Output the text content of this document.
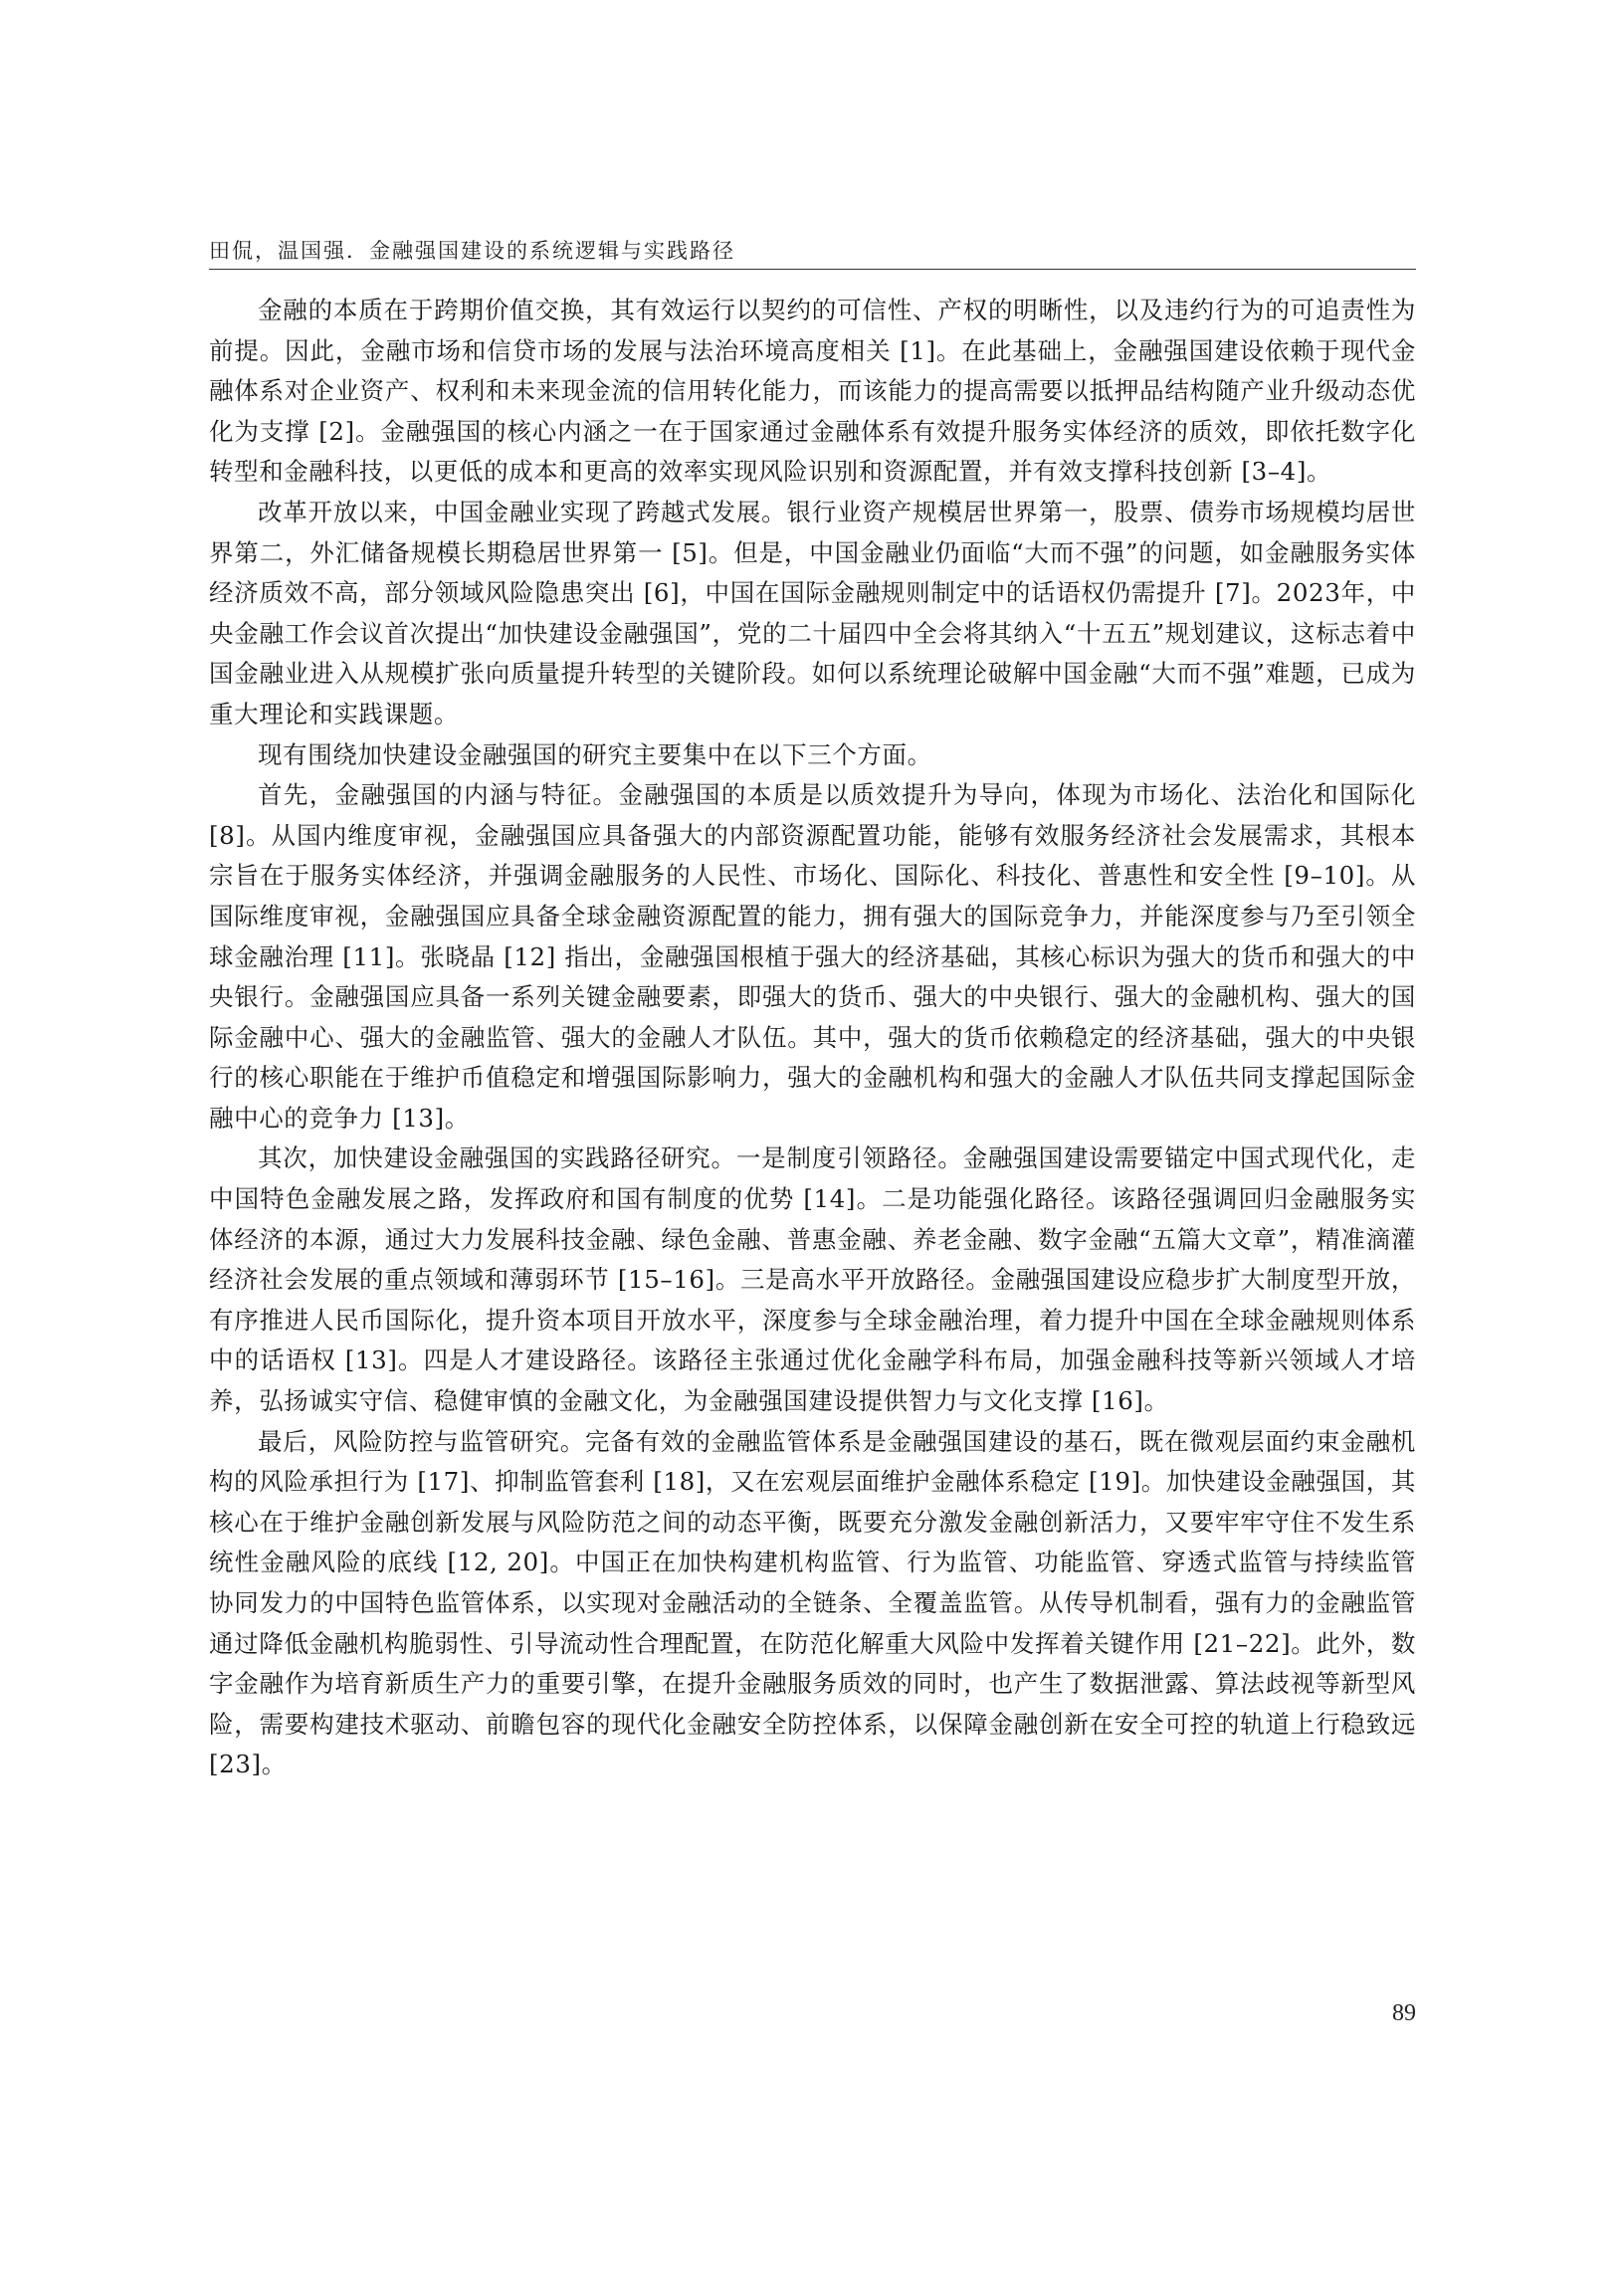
田侃，温国强．金融强国建设的系统逻辑与实践路径

金融的本质在于跨期价值交换，其有效运行以契约的可信性、产权的明晰性，以及违约行为的可追责性为前提。因此，金融市场和信贷市场的发展与法治环境高度相关 [1]。在此基础上，金融强国建设依赖于现代金融体系对企业资产、权利和未来现金流的信用转化能力，而该能力的提高需要以抵押品结构随产业升级动态优化为支撑 [2]。金融强国的核心内涵之一在于国家通过金融体系有效提升服务实体经济的质效，即依托数字化转型和金融科技，以更低的成本和更高的效率实现风险识别和资源配置，并有效支撑科技创新 [3–4]。

改革开放以来，中国金融业实现了跨越式发展。银行业资产规模居世界第一，股票、债券市场规模均居世界第二，外汇储备规模长期稳居世界第一 [5]。但是，中国金融业仍面临“大而不强”的问题，如金融服务实体经济质效不高，部分领域风险隐患突出 [6]，中国在国际金融规则制定中的话语权仍需提升 [7]。2023年，中央金融工作会议首次提出“加快建设金融强国”，党的二十届四中全会将其纳入“十五五”规划建议，这标志着中国金融业进入从规模扩张向质量提升转型的关键阶段。如何以系统理论破解中国金融“大而不强”难题，已成为重大理论和实践课题。

现有围绕加快建设金融强国的研究主要集中在以下三个方面。

首先，金融强国的内涵与特征。金融强国的本质是以质效提升为导向，体现为市场化、法治化和国际化 [8]。从国内维度审视，金融强国应具备强大的内部资源配置功能，能够有效服务经济社会发展需求，其根本宗旨在于服务实体经济，并强调金融服务的人民性、市场化、国际化、科技化、普惠性和安全性 [9–10]。从国际维度审视，金融强国应具备全球金融资源配置的能力，拥有强大的国际竞争力，并能深度参与乃至引领全球金融治理 [11]。张晓晶 [12] 指出，金融强国根植于强大的经济基础，其核心标识为强大的货币和强大的中央银行。金融强国应具备一系列关键金融要素，即强大的货币、强大的中央银行、强大的金融机构、强大的国际金融中心、强大的金融监管、强大的金融人才队伍。其中，强大的货币依赖稳定的经济基础，强大的中央银行的核心职能在于维护币值稳定和增强国际影响力，强大的金融机构和强大的金融人才队伍共同支撑起国际金融中心的竞争力 [13]。

其次，加快建设金融强国的实践路径研究。一是制度引领路径。金融强国建设需要锚定中国式现代化，走中国特色金融发展之路，发挥政府和国有制度的优势 [14]。二是功能强化路径。该路径强调回归金融服务实体经济的本源，通过大力发展科技金融、绿色金融、普惠金融、养老金融、数字金融“五篇大文章”，精准滴灌经济社会发展的重点领域和薄弱环节 [15–16]。三是高水平开放路径。金融强国建设应稳步扩大制度型开放，有序推进人民币国际化，提升资本项目开放水平，深度参与全球金融治理，着力提升中国在全球金融规则体系中的话语权 [13]。四是人才建设路径。该路径主张通过优化金融学科布局，加强金融科技等新兴领域人才培养，弘扬诚实守信、稳健审慎的金融文化，为金融强国建设提供智力与文化支撑 [16]。

最后，风险防控与监管研究。完备有效的金融监管体系是金融强国建设的基石，既在微观层面约束金融机构的风险承担行为 [17]、抑制监管套利 [18]，又在宏观层面维护金融体系稳定 [19]。加快建设金融强国，其核心在于维护金融创新发展与风险防范之间的动态平衡，既要充分激发金融创新活力，又要牢牢守住不发生系统性金融风险的底线 [12, 20]。中国正在加快构建机构监管、行为监管、功能监管、穿透式监管与持续监管协同发力的中国特色监管体系，以实现对金融活动的全链条、全覆盖监管。从传导机制看，强有力的金融监管通过降低金融机构脆弱性、引导流动性合理配置，在防范化解重大风险中发挥着关键作用 [21–22]。此外，数字金融作为培育新质生产力的重要引擎，在提升金融服务质效的同时，也产生了数据泄露、算法歧视等新型风险，需要构建技术驱动、前瞻包容的现代化金融安全防控体系，以保障金融创新在安全可控的轨道上行稳致远 [23]。

89
